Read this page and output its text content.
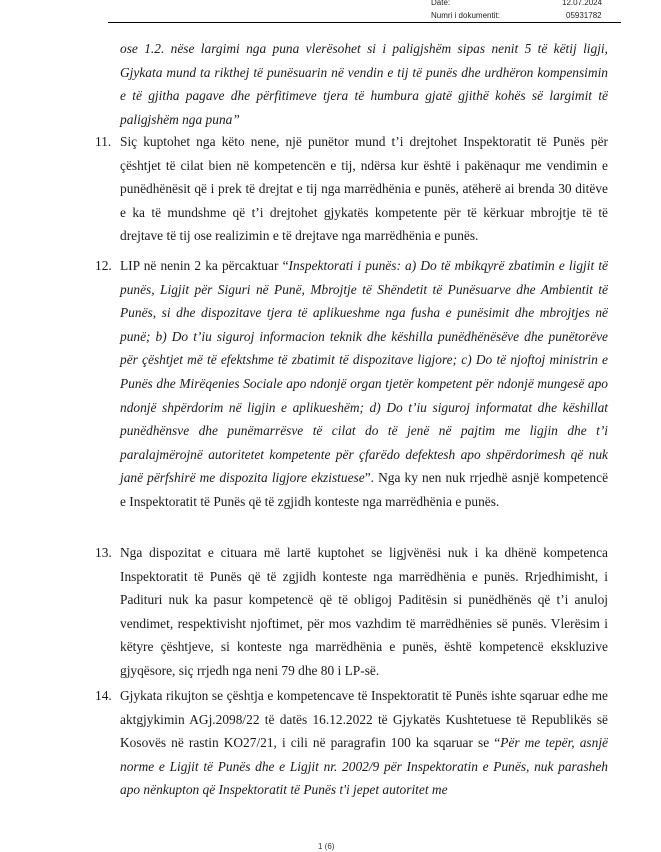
Date:	12.07.2024
Numri i dokumentit:	05931782
ose 1.2. nëse largimi nga puna vlerësohet si i paligjshëm sipas nenit 5 të këtij ligji, Gjykata mund ta rikthej të punësuarin në vendin e tij të punës dhe urdhëron kompensimin e të gjitha pagave dhe përfitimeve tjera të humbura gjatë gjithë kohës së largimit të paligjshëm nga puna”
11. Siç kuptohet nga këto nene, një punëtor mund t’i drejtohet Inspektoratit të Punës për çështjet të cilat bien në kompetencën e tij, ndërsa kur është i pakënaqur me vendimin e punëdhënësit që i prek të drejtat e tij nga marrëdhënia e punës, atëherë ai brenda 30 ditëve e ka të mundshme që t’i drejtohet gjykatës kompetente për të kërkuar mbrojtje të të drejtave të tij ose realizimin e të drejtave nga marrëdhënia e punës.
12. LIP në nenin 2 ka përcaktuar “Inspektorati i punës: a) Do të mbikqyrë zbatimin e ligjit të punës, Ligjit për Siguri në Punë, Mbrojtje të Shëndetit të Punësuarve dhe Ambientit të Punës, si dhe dispozitave tjera të aplikueshme nga fusha e punësimit dhe mbrojtjes në punë; b) Do t’iu siguroj informacion teknik dhe këshilla punëdhënësëve dhe punëtorëve për çështjet më të efektshme të zbatimit të dispozitave ligjore; c) Do të njoftoj ministrin e Punës dhe Mirëqenies Sociale apo ndonjë organ tjetër kompetent për ndonjë mungesë apo ndonjë shpërdorim në ligjin e aplikueshëm; d) Do t’iu siguroj informatat dhe këshillat punëdhënsve dhe punëmarrësve të cilat do të jenë në pajtim me ligjin dhe t’i paralajmërojnë autoritetet kompetente për çfarëdo defektesh apo shpërdorimesh që nuk janë përfshirë me dispozita ligjore ekzistuese”. Nga ky nen nuk rrjedhë asnjë kompetencë e Inspektoratit të Punës që të zgjidh konteste nga marrëdhënia e punës.
13. Nga dispozitat e cituara më lartë kuptohet se ligjvënësi nuk i ka dhënë kompetenca Inspektoratit të Punës që të zgjidh konteste nga marrëdhënia e punës. Rrjedhimisht, i Padituri nuk ka pasur kompetencë që të obligoj Paditësin si punëdhënës që t’i anuloj vendimet, respektivisht njoftimet, për mos vazhdim të marrëdhënies së punës. Vlerësim i këtyre çështjeve, si konteste nga marrëdhënia e punës, është kompetencë ekskluzive gjyqësore, siç rrjedh nga neni 79 dhe 80 i LP-së.
14. Gjykata rikujton se çështja e kompetencave të Inspektoratit të Punës ishte sqaruar edhe me aktgjykimin AGj.2098/22 të datës 16.12.2022 të Gjykatës Kushtetuese të Republikës së Kosovës në rastin KO27/21, i cili në paragrafin 100 ka sqaruar se “Për me tepër, asnjë norme e Ligjit të Punës dhe e Ligjit nr. 2002/9 për Inspektoratin e Punës, nuk parasheh apo nënkupton që Inspektoratit të Punës t'i jepet autoritet me
1 (6)
